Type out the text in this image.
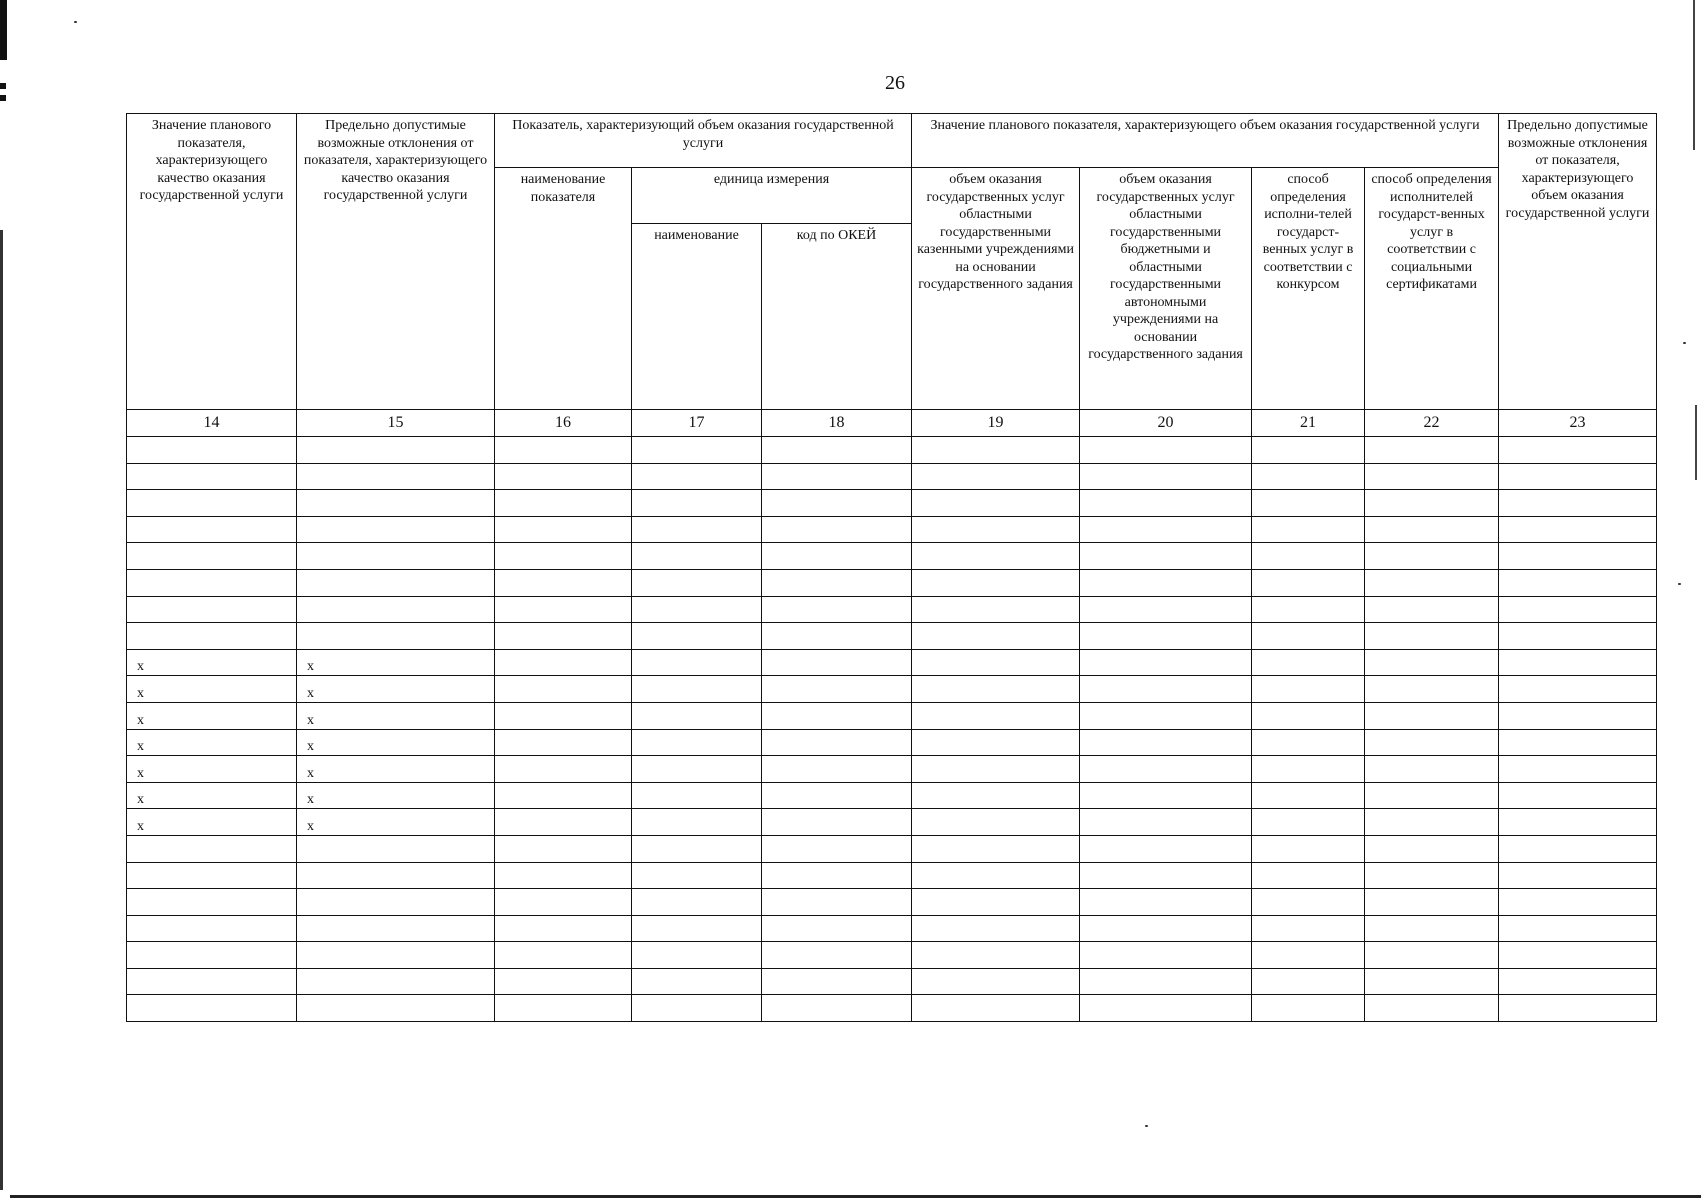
26
Значение планового показателя, характеризующего качество оказания государственной услуги	Предельно допустимые возможные отклонения от показателя, характеризующего качество оказания государственной услуги	Показатель, характеризующий объем оказания государственной услуги			Значение планового показателя, характеризующего объем оказания государственной услуги				Предельно допустимые возможные отклонения от показателя, характеризующего объем оказания государственной услуги
		наименование показателя	единица измерения		объем оказания государственных услуг областными государственными казенными учреждениями на основании государственного задания	объем оказания государственных услуг областными государственными бюджетными и областными государственными автономными учреждениями на основании государственного задания	способ определения исполни-телей государст-венных услуг в соответствии с конкурсом	способ определения исполнителей государст-венных услуг в соответствии с социальными сертификатами	
			наименование	код по ОКЕЙ					
14	15	16	17	18	19	20	21	22	23

x	x								
x	x								
x	x								
x	x								
x	x								
x	x								
x	x								
